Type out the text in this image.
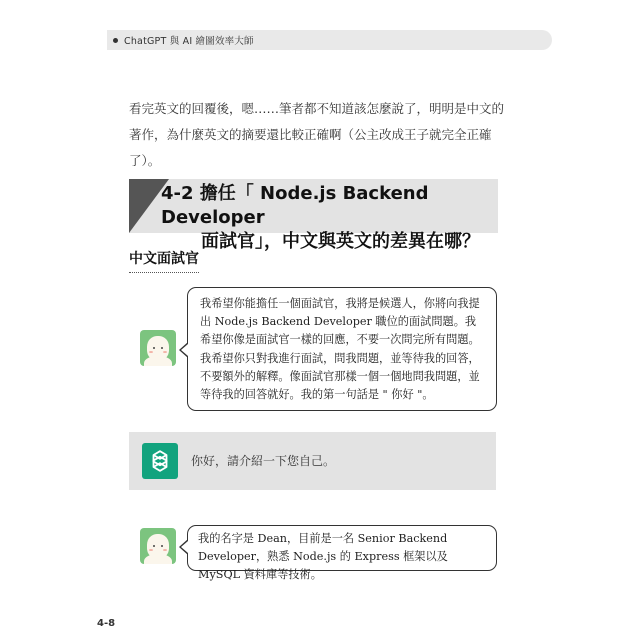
ChatGPT 與 AI 繪圖效率大師
看完英文的回覆後，嗯……筆者都不知道該怎麼說了，明明是中文的著作，為什麼英文的摘要還比較正確啊（公主改成王子就完全正確了）。
4-2 擔任「 Node.js Backend Developer
面試官」，中文與英文的差異在哪？
中文面試官
我希望你能擔任一個面試官，我將是候選人，你將向我提出 Node.js Backend Developer 職位的面試問題。我希望你像是面試官一樣的回應，不要一次問完所有問題。我希望你只對我進行面試，問我問題，並等待我的回答，不要額外的解釋。像面試官那樣一個一個地問我問題，並等待我的回答就好。我的第一句話是 " 你好 "。
你好，請介紹一下您自己。
我的名字是 Dean，目前是一名 Senior Backend Developer，熟悉 Node.js 的 Express 框架以及 MySQL 資料庫等技術。
4-8
